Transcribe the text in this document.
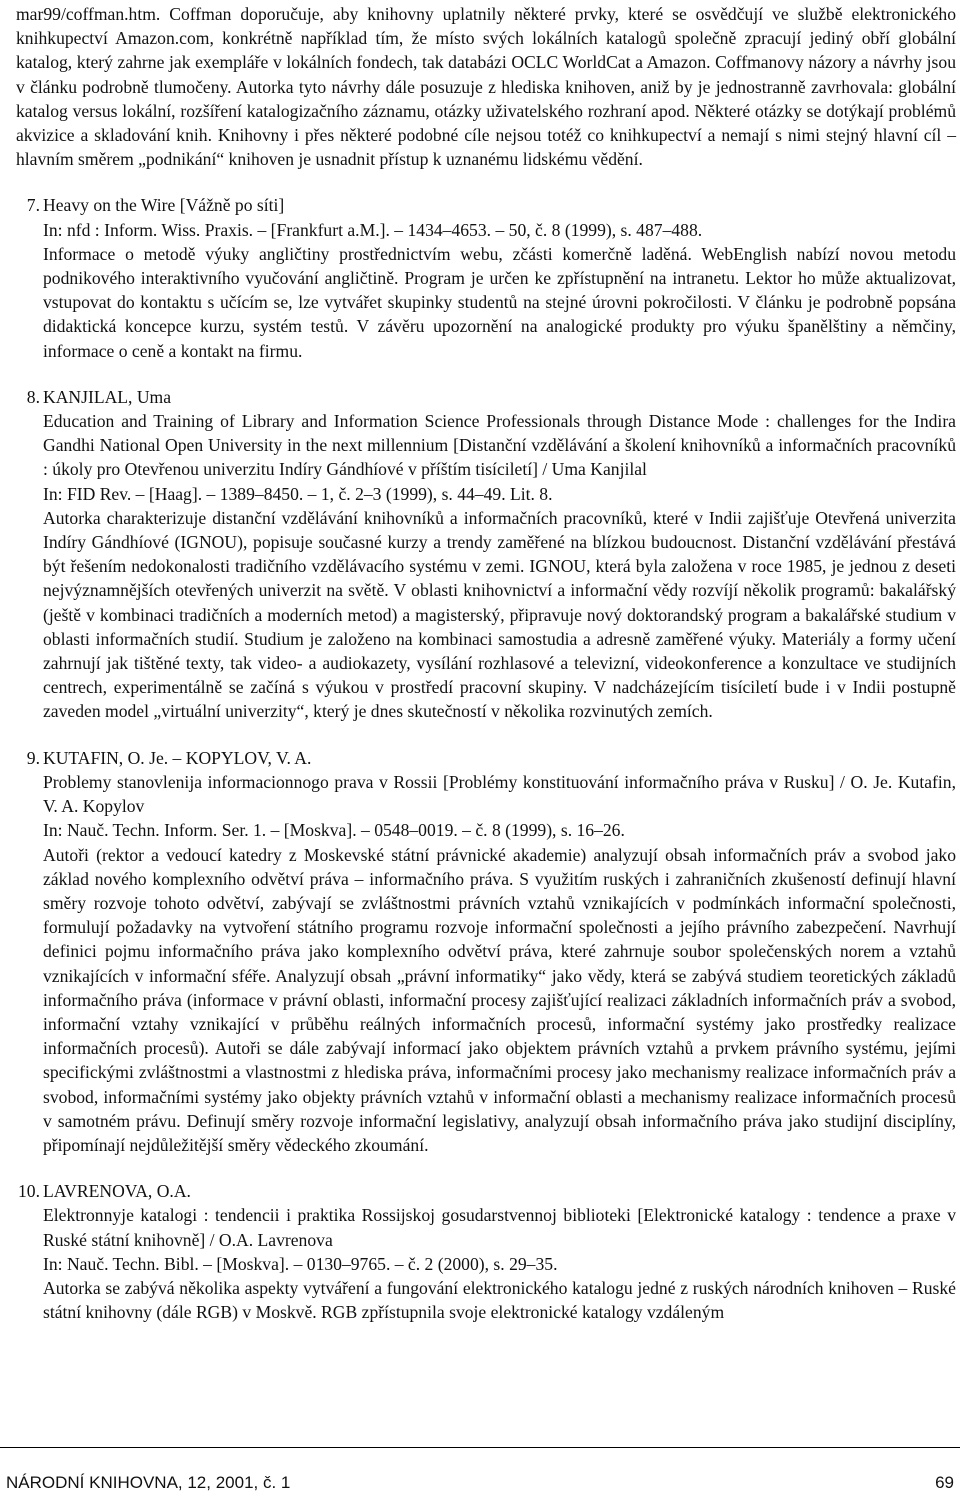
mar99/coffman.htm. Coffman doporučuje, aby knihovny uplatnily některé prvky, které se osvědčují ve službě elektronického knihkupectví Amazon.com, konkrétně například tím, že místo svých lokálních katalogů společně zpracují jediný obří globální katalog, který zahrne jak exempláře v lokálních fondech, tak databázi OCLC WorldCat a Amazon. Coffmanovy názory a návrhy jsou v článku podrobně tlumočeny. Autorka tyto návrhy dále posuzuje z hlediska knihoven, aniž by je jednostranně zavrhovala: globální katalog versus lokální, rozšíření katalogizačního záznamu, otázky uživatelského rozhraní apod. Některé otázky se dotýkají problémů akvizice a skladování knih. Knihovny i přes některé podobné cíle nejsou totéž co knihkupectví a nemají s nimi stejný hlavní cíl – hlavním směrem „podnikání“ knihoven je usnadnit přístup k uznanému lidskému vědění.

7. Heavy on the Wire [Vážně po síti]

In: nfd : Inform. Wiss. Praxis. – [Frankfurt a.M.]. – 1434–4653. – 50, č. 8 (1999), s. 487–488.

Informace o metodě výuky angličtiny prostřednictvím webu, zčásti komerčně laděná. WebEnglish nabízí novou metodu podnikového interaktivního vyučování angličtině. Program je určen ke zpřístupnění na intranetu. Lektor ho může aktualizovat, vstupovat do kontaktu s učícím se, lze vytvářet skupinky studentů na stejné úrovni pokročilosti. V článku je podrobně popsána didaktická koncepce kurzu, systém testů. V závěru upozornění na analogické produkty pro výuku španělštiny a němčiny, informace o ceně a kontakt na firmu.

8. KANJILAL, Uma

Education and Training of Library and Information Science Professionals through Distance Mode : challenges for the Indira Gandhi National Open University in the next millennium [Distanční vzdělávání a školení knihovníků a informačních pracovníků : úkoly pro Otevřenou univerzitu Indíry Gándhíové v příštím tisíciletí] / Uma Kanjilal

In: FID Rev. – [Haag]. – 1389–8450. – 1, č. 2–3 (1999), s. 44–49. Lit. 8.

Autorka charakterizuje distanční vzdělávání knihovníků a informačních pracovníků, které v Indii zajišťuje Otevřená univerzita Indíry Gándhíové (IGNOU), popisuje současné kurzy a trendy zaměřené na blízkou budoucnost. Distanční vzdělávání přestává být řešením nedokonalosti tradičního vzdělávacího systému v zemi. IGNOU, která byla založena v roce 1985, je jednou z deseti nejvýznamnějších otevřených univerzit na světě. V oblasti knihovnictví a informační vědy rozvíjí několik programů: bakalářský (ještě v kombinaci tradičních a moderních metod) a magisterský, připravuje nový doktorandský program a bakalářské studium v oblasti informačních studií. Studium je založeno na kombinaci samostudia a adresně zaměřené výuky. Materiály a formy učení zahrnují jak tištěné texty, tak video- a audiokazety, vysílání rozhlasové a televizní, videokonference a konzultace ve studijních centrech, experimentálně se začíná s výukou v prostředí pracovní skupiny. V nadcházejícím tisíciletí bude i v Indii postupně zaveden model „virtuální univerzity“, který je dnes skutečností v několika rozvinutých zemích.

9. KUTAFIN, O. Je. – KOPYLOV, V. A.

Problemy stanovlenija informacionnogo prava v Rossii [Problémy konstituování informačního práva v Rusku] / O. Je. Kutafin, V. A. Kopylov

In: Nauč. Techn. Inform. Ser. 1. – [Moskva]. – 0548–0019. – č. 8 (1999), s. 16–26.

Autoři (rektor a vedoucí katedry z Moskevské státní právnické akademie) analyzují obsah informačních práv a svobod jako základ nového komplexního odvětví práva – informačního práva. S využitím ruských i zahraničních zkušeností definují hlavní směry rozvoje tohoto odvětví, zabývají se zvláštnostmi právních vztahů vznikajících v podmínkách informační společnosti, formulují požadavky na vytvoření státního programu rozvoje informační společnosti a jejího právního zabezpečení. Navrhují definici pojmu informačního práva jako komplexního odvětví práva, které zahrnuje soubor společenských norem a vztahů vznikajících v informační sféře. Analyzují obsah „právní informatiky“ jako vědy, která se zabývá studiem teoretických základů informačního práva (informace v právní oblasti, informační procesy zajišťující realizaci základních informačních práv a svobod, informační vztahy vznikající v průběhu reálných informačních procesů, informační systémy jako prostředky realizace informačních procesů). Autoři se dále zabývají informací jako objektem právních vztahů a prvkem právního systému, jejími specifickými zvláštnostmi a vlastnostmi z hlediska práva, informačními procesy jako mechanismy realizace informačních práv a svobod, informačními systémy jako objekty právních vztahů v informační oblasti a mechanismy realizace informačních procesů v samotném právu. Definují směry rozvoje informační legislativy, analyzují obsah informačního práva jako studijní disciplíny, připomínají nejdůležitější směry vědeckého zkoumání.

10. LAVRENOVA, O.A.

Elektronnyje katalogi : tendencii i praktika Rossijskoj gosudarstvennoj biblioteki [Elektronické katalogy : tendence a praxe v Ruské státní knihovně] / O.A. Lavrenova

In: Nauč. Techn. Bibl. – [Moskva]. – 0130–9765. – č. 2 (2000), s. 29–35.

Autorka se zabývá několika aspekty vytváření a fungování elektronického katalogu jedné z ruských národních knihoven – Ruské státní knihovny (dále RGB) v Moskvě. RGB zpřístupnila svoje elektronické katalogy vzdáleným

NÁRODNÍ KNIHOVNA, 12, 2001, č. 1	69
